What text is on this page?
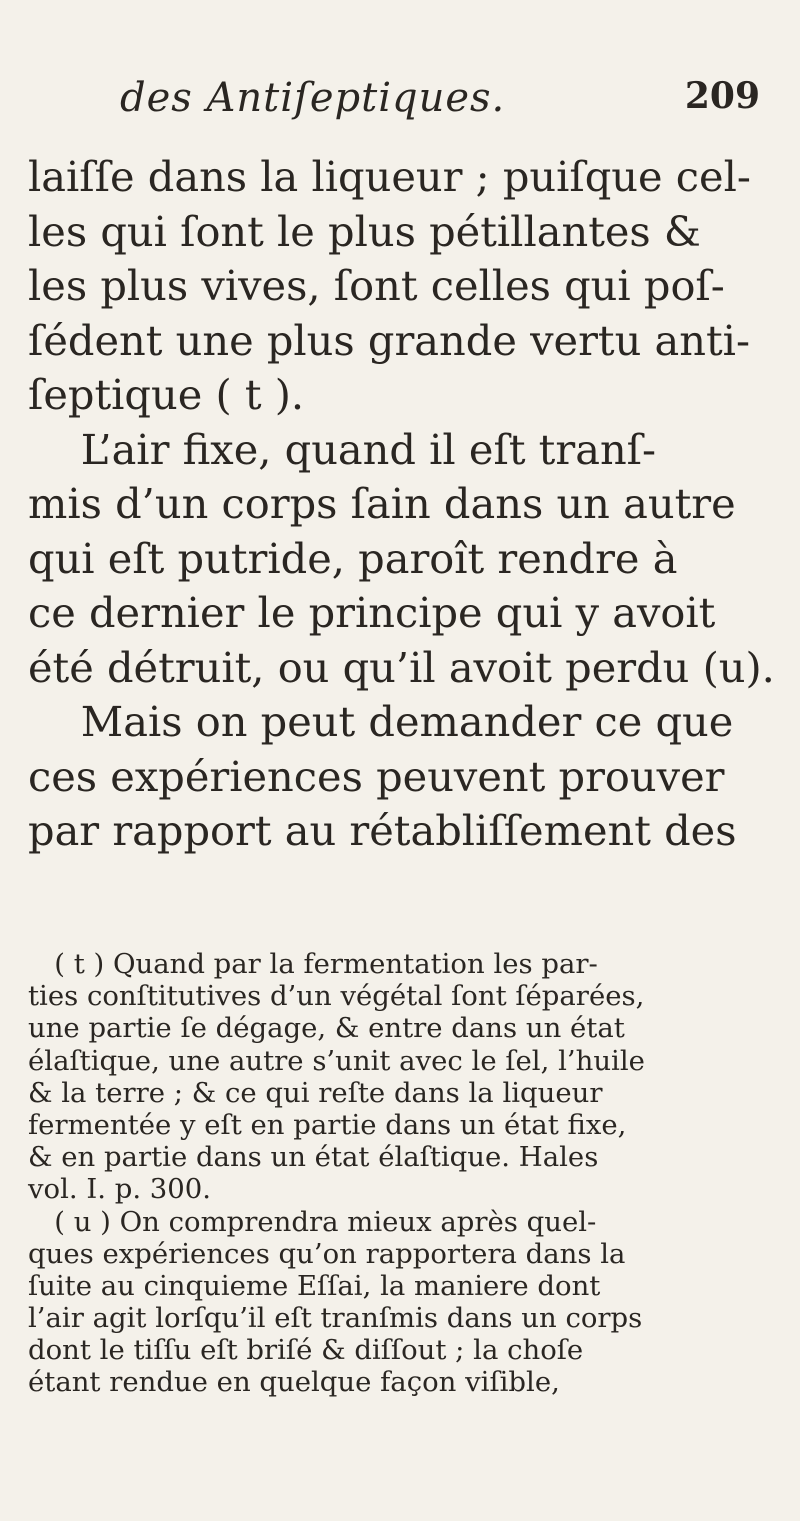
des Antiſeptiques.	209
laiſſe dans la liqueur ; puiſque cel-
les qui ſont le plus pétillantes &
les plus vives, ſont celles qui poſ-
ſédent une plus grande vertu anti-
ſeptique ( t ).
L’air fixe, quand il eſt tranſ-
mis d’un corps ſain dans un autre
qui eſt putride, paroît rendre à
ce dernier le principe qui y avoit
été détruit, ou qu’il avoit perdu (u).
Mais on peut demander ce que
ces expériences peuvent prouver
par rapport au rétabliſſement des
( t ) Quand par la fermentation les par-
ties conſtitutives d’un végétal ſont ſéparées,
une partie ſe dégage, & entre dans un état
élaſtique, une autre s’unit avec le ſel, l’huile
& la terre ; & ce qui reſte dans la liqueur
fermentée y eſt en partie dans un état fixe,
& en partie dans un état élaſtique. Hales
vol. I. p. 300.
( u ) On comprendra mieux après quel-
ques expériences qu’on rapportera dans la
ſuite au cinquieme Eſſai, la maniere dont
l’air agit lorſqu’il eſt tranſmis dans un corps
dont le tiſſu eſt briſé & diſſout ; la choſe
étant rendue en quelque façon viſible,
